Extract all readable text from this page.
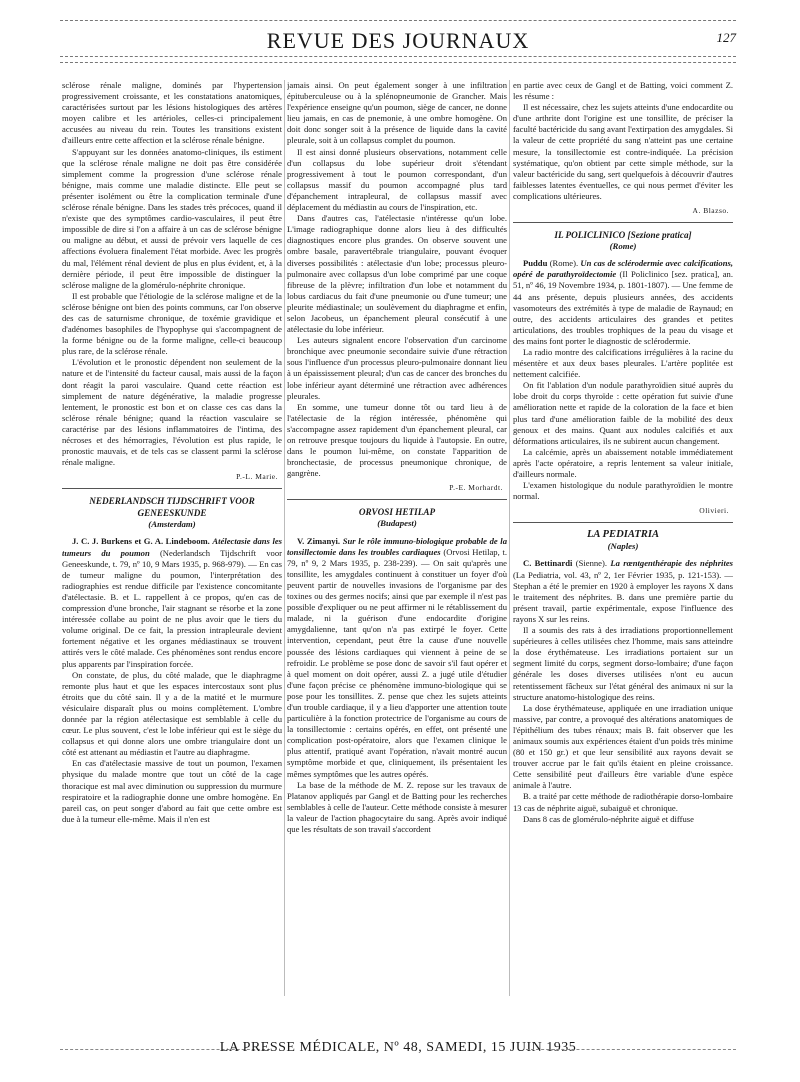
REVUE DES JOURNAUX	127

sclérose rénale maligne, dominés par l'hypertension progressivement croissante, et les constatations anatomiques, caractérisées surtout par les lésions histologiques des artères moyen calibre et les artérioles, celles-ci principalement accusées au niveau du rein. Toutes les transitions existent d'ailleurs entre cette affection et la sclérose rénale bénigne.

S'appuyant sur les données anatomo-cliniques, ils estiment que la sclérose rénale maligne ne doit pas être considérée simplement comme la progression d'une sclérose rénale bénigne, mais comme une maladie distincte. Elle peut se présenter isolément ou être la complication terminale d'une sclérose rénale bénigne. Dans les stades très précoces, quand il n'existe que des symptômes cardio-vasculaires, il peut être impossible de dire si l'on a affaire à un cas de sclérose bénigne ou maligne au début, et aussi de prévoir vers laquelle de ces affections évoluera finalement l'état morbide. Avec les progrès du mal, l'élément rénal devient de plus en plus évident, et, à la dernière période, il peut être impossible de distinguer la sclérose maligne de la glomérulo-néphrite chronique.

Il est probable que l'étiologie de la sclérose maligne et de la sclérose bénigne ont bien des points communs, car l'on observe des cas de saturnisme chronique, de toxémie gravidique et d'adénomes basophiles de l'hypophyse qui s'accompagnent de la forme bénigne ou de la forme maligne, celle-ci beaucoup plus rare, de la sclérose rénale.

L'évolution et le pronostic dépendent non seulement de la nature et de l'intensité du facteur causal, mais aussi de la façon dont réagit la paroi vasculaire. Quand cette réaction est simplement de nature dégénérative, la maladie progresse lentement, le pronostic est bon et on classe ces cas dans la sclérose rénale bénigne; quand la réaction vasculaire se caractérise par des lésions inflammatoires de l'intima, des nécroses et des hémorragies, l'évolution est plus rapide, le pronostic mauvais, et de tels cas se classent parmi la sclérose rénale maligne.

P.-L. Marie.
NEDERLANDSCH TIJDSCHRIFT VOOR GENEESKUNDE
(Amsterdam)

J. C. J. Burkens et G. A. Lindeboom. Atélectasie dans les tumeurs du poumon (Nederlandsch Tijdschrift voor Geneeskunde, t. 79, nº 10, 9 Mars 1935, p. 968-979). — En cas de tumeur maligne du poumon, l'interprétation des radiographies est rendue difficile par l'existence concomitante d'atélectasie. B. et L. rappellent à ce propos, qu'en cas de compression d'une bronche, l'air stagnant se résorbe et la zone intéressée collabe au point de ne plus avoir que le tiers du volume original. De ce fait, la pression intrapleurale devient fortement négative et les organes médiastinaux se trouvent attirés vers le côté malade. Ces phénomènes sont rendus encore plus apparents par l'inspiration forcée.

On constate, de plus, du côté malade, que le diaphragme remonte plus haut et que les espaces intercostaux sont plus étroits que du côté sain. Il y a de la matité et le murmure vésiculaire disparaît plus ou moins complètement. L'ombre donnée par la région atélectasique est semblable à celle du cœur. Le plus souvent, c'est le lobe inférieur qui est le siège du collapsus et qui donne alors une ombre triangulaire dont un côté est attenant au médiastin et l'autre au diaphragme.

En cas d'atélectasie massive de tout un poumon, l'examen physique du malade montre que tout un côté de la cage thoracique est mal avec diminution ou suppression du murmure respiratoire et la radiographie donne une ombre homogène. En pareil cas, on peut songer d'abord au fait que cette ombre est due à la tumeur elle-même. Mais il n'en est

jamais ainsi. On peut également songer à une infiltration épituberculeuse ou à la splénopneumonie de Grancher. Mais l'expérience enseigne qu'un poumon, siège de cancer, ne donne lieu jamais, en cas de pnemonie, à une ombre homogène. On doit donc songer soit à la présence de liquide dans la cavité pleurale, soit à un collapsus complet du poumon.

Il est ainsi donné plusieurs observations, notamment celle d'un collapsus du lobe supérieur droit s'étendant progressivement à tout le poumon correspondant, d'un collapsus massif du poumon accompagné plus tard d'épanchement intrapleural, de collapsus massif avec déplacement du médiastin au cours de l'inspiration, etc.

Dans d'autres cas, l'atélectasie n'intéresse qu'un lobe. L'image radiographique donne alors lieu à des difficultés diagnostiques encore plus grandes. On observe souvent une ombre basale, paravertébrale triangulaire, pouvant évoquer diverses possibilités : atélectasie d'un lobe; processus pleuro-pulmonaire avec collapsus d'un lobe comprimé par une coque fibreuse de la plèvre; infiltration d'un lobe et notamment du lobus cardiacus du fait d'une pneumonie ou d'une tumeur; une pleurite médiastinale; un soulèvement du diaphragme et enfin, selon Jacobeus, un épanchement pleural consécutif à une atélectasie du lobe inférieur.

Les auteurs signalent encore l'observation d'un carcinome bronchique avec pneumonie secondaire suivie d'une rétraction sous l'influence d'un processus pleuro-pulmonaire donnant lieu à un épaississement pleural; d'un cas de cancer des bronches du lobe inférieur ayant déterminé une rétraction avec adhérences pleurales.

En somme, une tumeur donne tôt ou tard lieu à de l'atélectasie de la région intéressée, phénomène qui s'accompagne assez rapidement d'un épanchement pleural, car on retrouve presque toujours du liquide à l'autopsie. En outre, dans le poumon lui-même, on constate l'apparition de bronchectasie, de processus pneumonique chronique, de gangrène.

P.-E. Morhardt.
ORVOSI HETILAP
(Budapest)

V. Zimanyi. Sur le rôle immuno-biologique probable de la tonsillectomie dans les troubles cardiaques (Orvosi Hetilap, t. 79, nº 9, 2 Mars 1935, p. 238-239). — On sait qu'après une tonsillite, les amygdales continuent à constituer un foyer d'où peuvent partir de nouvelles invasions de l'organisme par des toxines ou des germes nocifs; ainsi que par exemple il n'est pas possible d'expliquer ou ne peut affirmer ni le rétablissement du malade, ni la guérison d'une endocardite d'origine amygdalienne, tant qu'on n'a pas extirpé le foyer. Cette intervention, cependant, peut être la cause d'une nouvelle poussée des lésions cardiaques qui viennent à peine de se refroidir. Le problème se pose donc de savoir s'il faut opérer et à quel moment on doit opérer, aussi Z. a jugé utile d'étudier d'une façon précise ce phénomène immuno-biologique qui se pose pour les tonsillites. Z. pense que chez les sujets atteints d'un trouble cardiaque, il y a lieu d'apporter une attention toute particulière à la fonction protectrice de l'organisme au cours de la tonsillectomie : certains opérés, en effet, ont présenté une complication post-opératoire, alors que l'examen clinique le plus attentif, pratiqué avant l'opération, n'avait montré aucun symptôme morbide et que, cliniquement, ils présentaient les mêmes symptômes que les autres opérés.

La base de la méthode de M. Z. repose sur les travaux de Platanov appliqués par Gangl et de Batting pour les recherches semblables à celle de l'auteur. Cette méthode consiste à mesurer la valeur de l'action phagocytaire du sang. Après avoir indiqué que les résultats de son travail s'accordent

en partie avec ceux de Gangl et de Batting, voici comment Z. les résume :

Il est nécessaire, chez les sujets atteints d'une endocardite ou d'une arthrite dont l'origine est une tonsillite, de préciser la faculté bactéricide du sang avant l'extirpation des amygdales. Si la valeur de cette propriété du sang n'atteint pas une certaine mesure, la tonsillectomie est contre-indiquée. La précision systématique, qu'on obtient par cette simple méthode, sur la valeur bactéricide du sang, sert quelquefois à découvrir d'autres faiblesses latentes éventuelles, ce qui nous permet d'éviter les complications ultérieures.

A. Blazso.
IL POLICLINICO [Sezione pratica]
(Rome)

Puddu (Rome). Un cas de sclérodermie avec calcifications, opéré de parathyroïdectomie (Il Policlinico [sez. pratica], an. 51, nº 46, 19 Novembre 1934, p. 1801-1807). — Une femme de 44 ans présente, depuis plusieurs années, des accidents vasomoteurs des extrémités à type de maladie de Raynaud; en outre, des accidents articulaires des grandes et petites articulations, des troubles trophiques de la peau du visage et des mains font porter le diagnostic de sclérodermie.

La radio montre des calcifications irrégulières à la racine du mésentère et aux deux bases pleurales. L'artère poplitée est nettement calcifiée.

On fit l'ablation d'un nodule parathyroïdien situé auprès du lobe droit du corps thyroïde : cette opération fut suivie d'une amélioration nette et rapide de la coloration de la face et bien plus tard d'une amélioration faible de la mobilité des deux genoux et des mains. Quant aux nodules calcifiés et aux déformations articulaires, ils ne subirent aucun changement.

La calcémie, après un abaissement notable immédiatement après l'acte opératoire, a repris lentement sa valeur initiale, d'ailleurs normale.

L'examen histologique du nodule parathyroïdien le montre normal.

Olivieri.
LA PEDIATRIA
(Naples)

C. Bettinardi (Sienne). La rœntgenthérapie des néphrites (La Pediatria, vol. 43, nº 2, 1er Février 1935, p. 121-153). — Stephan a été le premier en 1920 à employer les rayons X dans le traitement des néphrites. B. dans une première partie du présent travail, partie expérimentale, expose l'influence des rayons X sur les reins.

Il a soumis des rats à des irradiations proportionnellement supérieures à celles utilisées chez l'homme, mais sans atteindre la dose érythémateuse. Les irradiations portaient sur un segment limité du corps, segment dorso-lombaire; d'une façon générale les doses diverses utilisées n'ont eu aucun retentissement fâcheux sur l'état général des animaux ni sur la structure anatomo-histologique des reins.

La dose érythémateuse, appliquée en une irradiation unique massive, par contre, a provoqué des altérations anatomiques de l'épithélium des tubes rénaux; mais B. fait observer que les animaux soumis aux expériences étaient d'un poids très minime (80 et 150 gr.) et que leur sensibilité aux rayons devait se trouver accrue par le fait qu'ils étaient en pleine croissance. Cette sensibilité peut d'ailleurs être variable d'une espèce animale à l'autre.

B. a traité par cette méthode de radiothérapie dorso-lombaire 13 cas de néphrite aiguë, subaiguë et chronique.

Dans 8 cas de glomérulo-néphrite aiguë et diffuse

LA PRESSE MÉDICALE, Nº 48, SAMEDI, 15 JUIN 1935
